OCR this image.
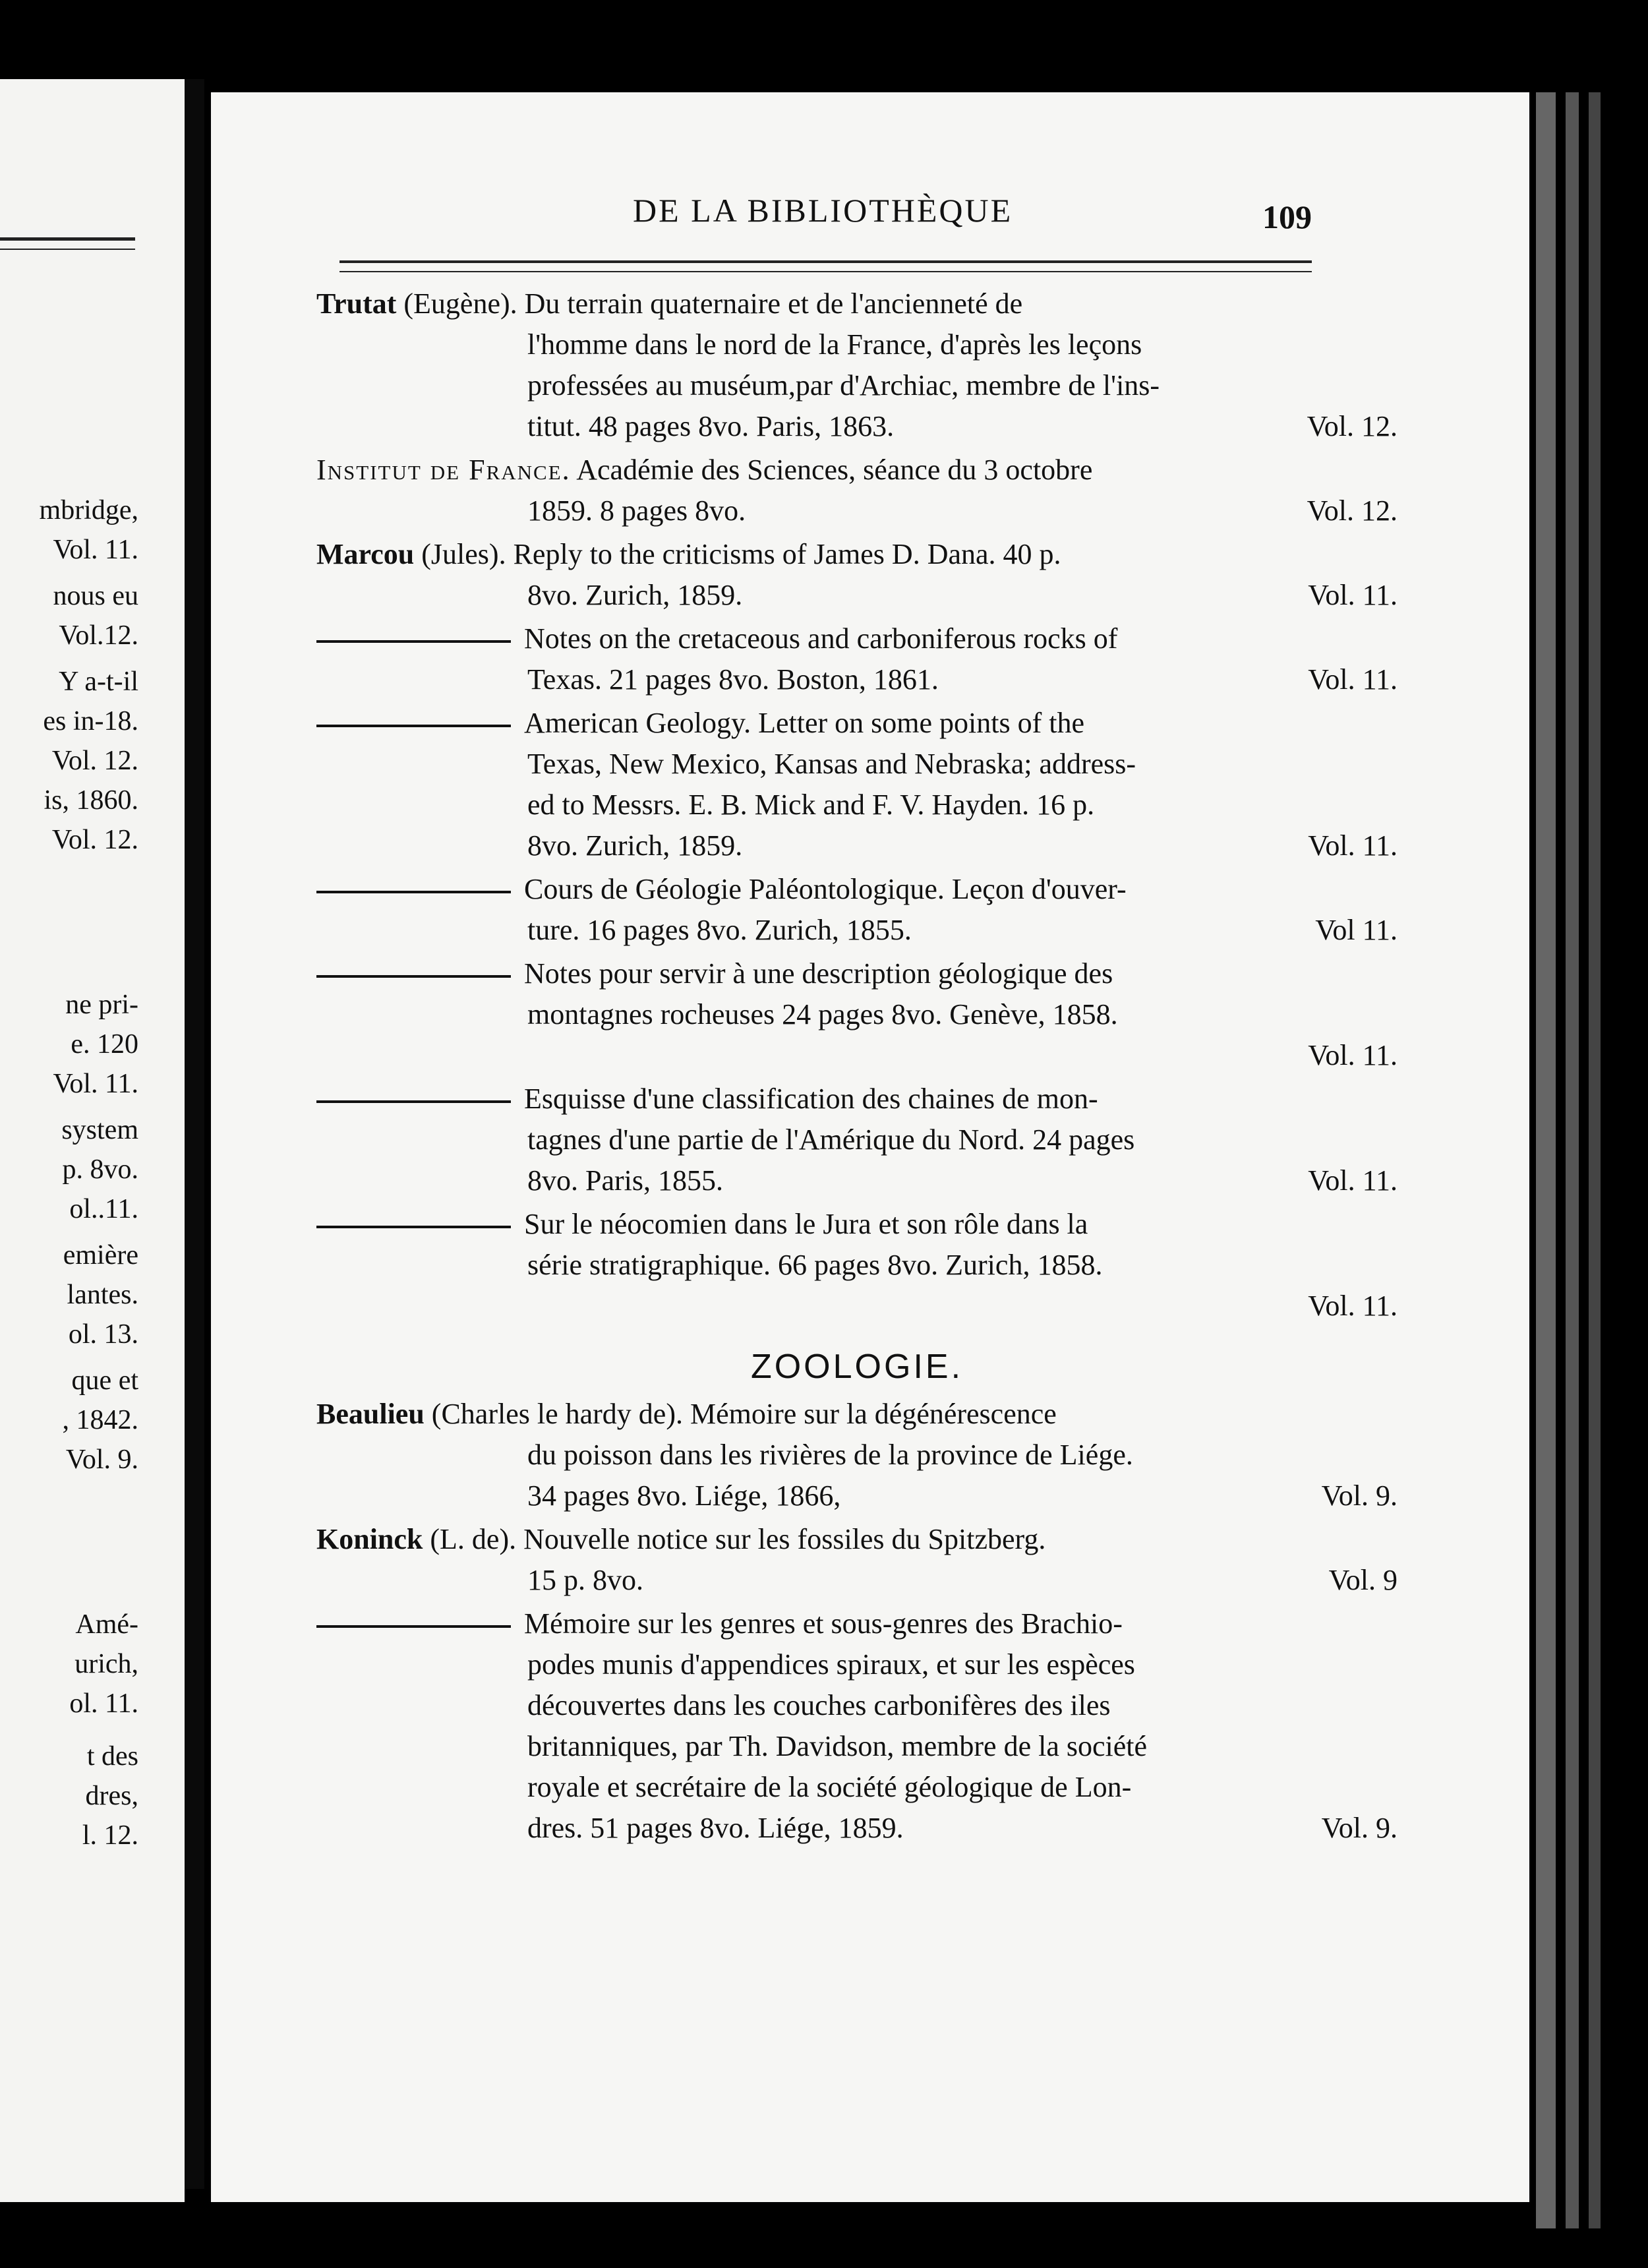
mbridge,
Vol. 11.
nous eu
Vol.12.
Y a-t-il
es in-18.
Vol. 12.
is, 1860.
Vol. 12.
ne pri-
e. 120
Vol. 11.
system
p. 8vo.
ol..11.
emière
lantes.
ol. 13.
que et
, 1842.
Vol. 9.
Amé-
urich,
ol. 11.
t des
dres,
l. 12.
DE LA BIBLIOTHÈQUE	109
Trutat (Eugène). Du terrain quaternaire et de l'ancienneté de
l'homme dans le nord de la France, d'après les leçons
professées au muséum,par d'Archiac, membre de l'ins-
titut. 48 pages 8vo. Paris, 1863.	Vol. 12.
Institut de France. Académie des Sciences, séance du 3 octobre
1859. 8 pages 8vo.	Vol. 12.
Marcou (Jules). Reply to the criticisms of James D. Dana. 40 p.
8vo. Zurich, 1859.	Vol. 11.
Notes on the cretaceous and carboniferous rocks of
Texas. 21 pages 8vo. Boston, 1861.	Vol. 11.
American Geology. Letter on some points of the
Texas, New Mexico, Kansas and Nebraska; address-
ed to Messrs. E. B. Mick and F. V. Hayden. 16 p.
8vo. Zurich, 1859.	Vol. 11.
Cours de Géologie Paléontologique. Leçon d'ouver-
ture. 16 pages 8vo. Zurich, 1855.	Vol 11.
Notes pour servir à une description géologique des
montagnes rocheuses 24 pages 8vo. Genève, 1858.
Vol. 11.
Esquisse d'une classification des chaines de mon-
tagnes d'une partie de l'Amérique du Nord. 24 pages
8vo. Paris, 1855.	Vol. 11.
Sur le néocomien dans le Jura et son rôle dans la
série stratigraphique. 66 pages 8vo. Zurich, 1858.
Vol. 11.
ZOOLOGIE.
Beaulieu (Charles le hardy de). Mémoire sur la dégénérescence
du poisson dans les rivières de la province de Liége.
34 pages 8vo. Liége, 1866,	Vol. 9.
Koninck (L. de). Nouvelle notice sur les fossiles du Spitzberg.
15 p. 8vo.	Vol. 9
Mémoire sur les genres et sous-genres des Brachio-
podes munis d'appendices spiraux, et sur les espèces
découvertes dans les couches carbonifères des iles
britanniques, par Th. Davidson, membre de la société
royale et secrétaire de la société géologique de Lon-
dres. 51 pages 8vo. Liége, 1859.	Vol. 9.
